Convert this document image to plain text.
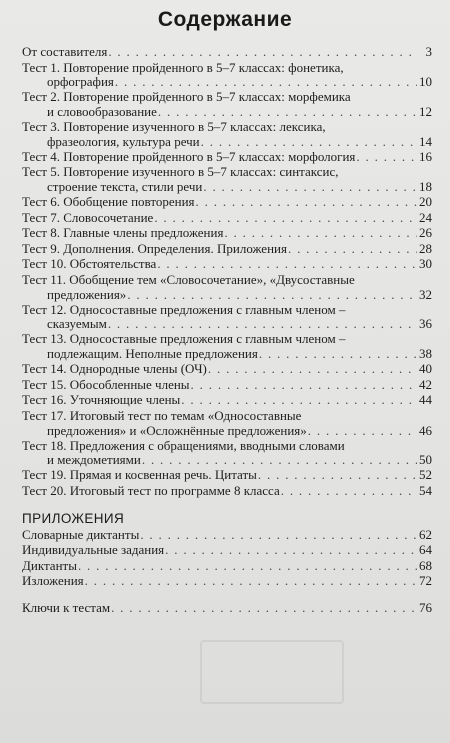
Содержание
От составителя . . .	3
Тест 1. Повторение пройденного в 5–7 классах: фонетика,
орфография . . .	10
Тест 2. Повторение пройденного в 5–7 классах: морфемика
и словообразование . . .	12
Тест 3. Повторение изученного в 5–7 классах: лексика,
фразеология, культура речи . . .	14
Тест 4. Повторение пройденного в 5–7 классах: морфология . . .	16
Тест 5. Повторение изученного в 5–7 классах: синтаксис,
строение текста, стили речи . . .	18
Тест 6. Обобщение повторения . . .	20
Тест 7. Словосочетание . . .	24
Тест 8. Главные члены предложения . . .	26
Тест 9. Дополнения. Определения. Приложения . . .	28
Тест 10. Обстоятельства . . .	30
Тест 11. Обобщение тем «Словосочетание», «Двусоставные
предложения» . . .	32
Тест 12. Односоставные предложения с главным членом –
сказуемым . . .	36
Тест 13. Односоставные предложения с главным членом –
подлежащим. Неполные предложения . . .	38
Тест 14. Однородные члены (ОЧ) . . .	40
Тест 15. Обособленные члены . . .	42
Тест 16. Уточняющие члены . . .	44
Тест 17. Итоговый тест по темам «Односоставные
предложения» и «Осложнённые предложения» . . .	46
Тест 18. Предложения с обращениями, вводными словами
и междометиями . . .	50
Тест 19. Прямая и косвенная речь. Цитаты . . .	52
Тест 20. Итоговый тест по программе 8 класса . . .	54
ПРИЛОЖЕНИЯ
Словарные диктанты . . .	62
Индивидуальные задания . . .	64
Диктанты . . .	68
Изложения . . .	72
Ключи к тестам . . .	76
